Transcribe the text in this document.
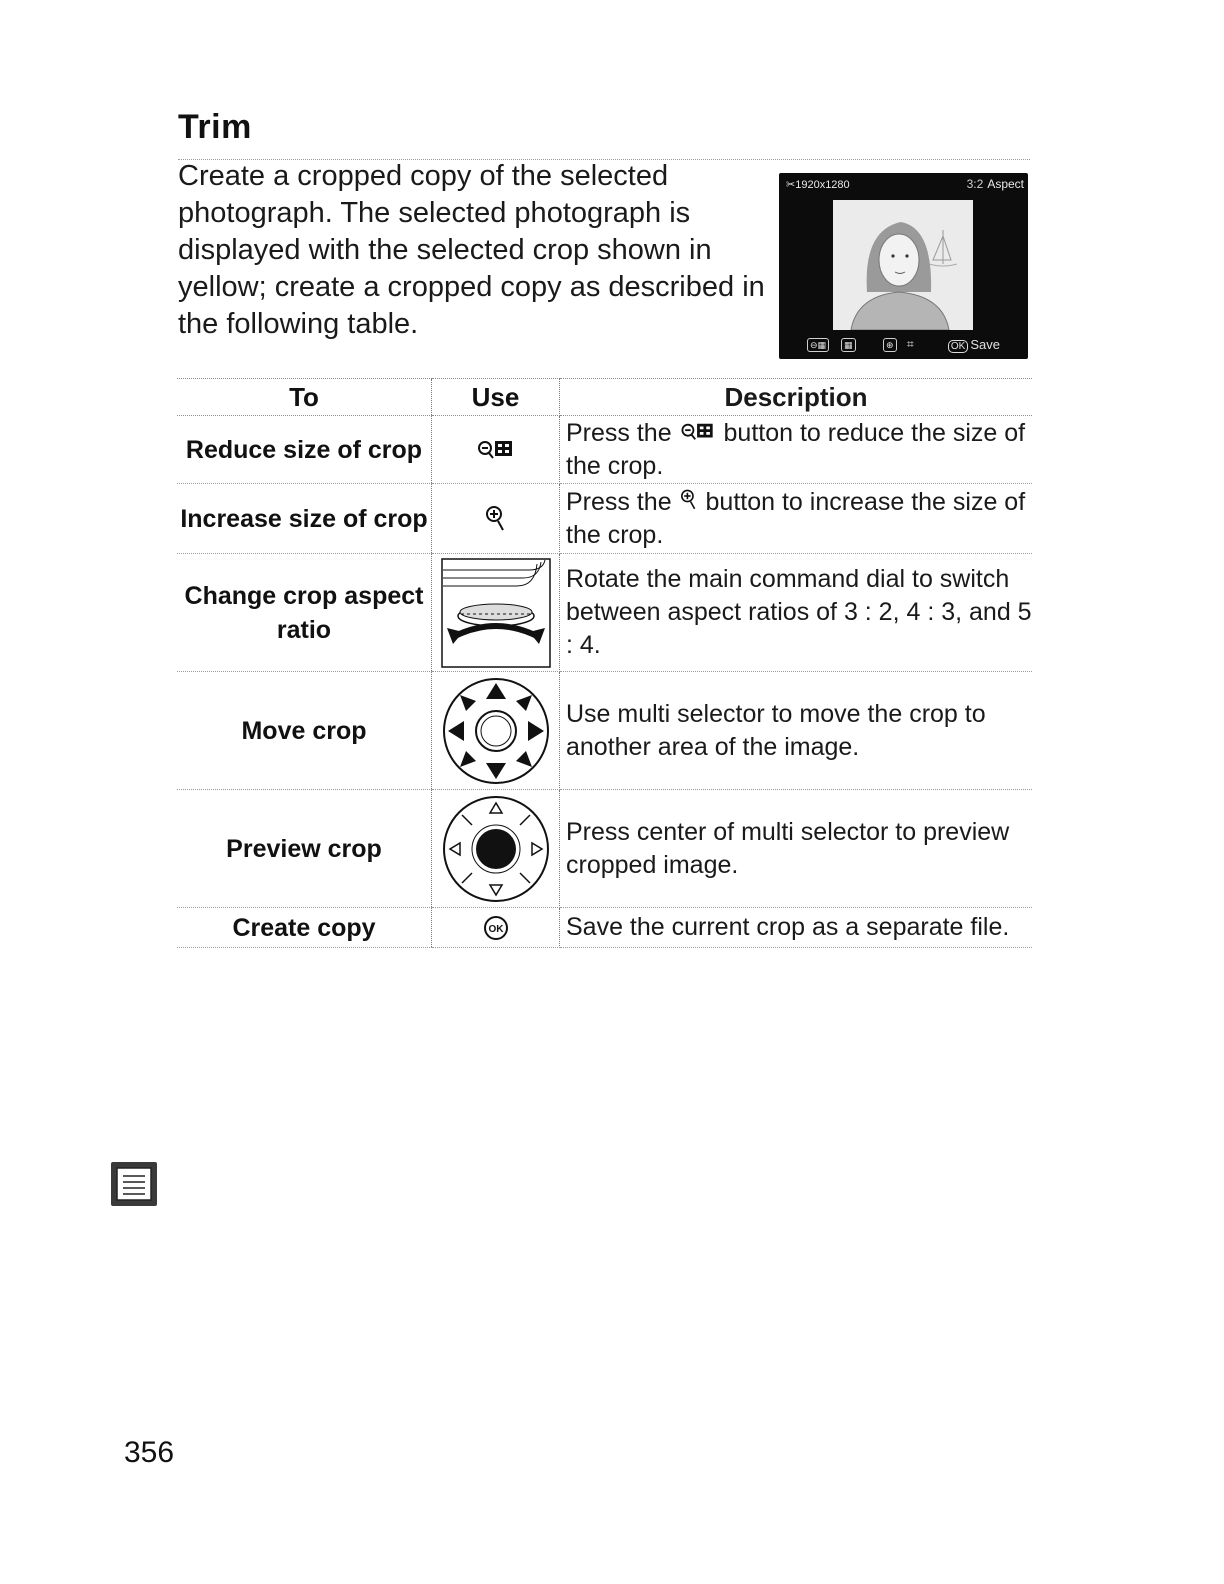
Trim
Create a cropped copy of the selected photograph. The selected photograph is displayed with the selected crop shown in yellow; create a cropped copy as described in the following table.
✂1920x1280	3:2 Aspect
⊖▦	▦	⊕ ⌗	OK Save
To	Use	Description
Reduce size of crop		Press the button to reduce the size of the crop.
Increase size of crop		Press the button to increase the size of the crop.
Change crop aspect ratio		Rotate the main command dial to switch between aspect ratios of 3 : 2, 4 : 3, and 5 : 4.
Move crop		Use multi selector to move the crop to another area of the image.
Preview crop		Press center of multi selector to preview cropped image.
Create copy	OK	Save the current crop as a separate file.
356
